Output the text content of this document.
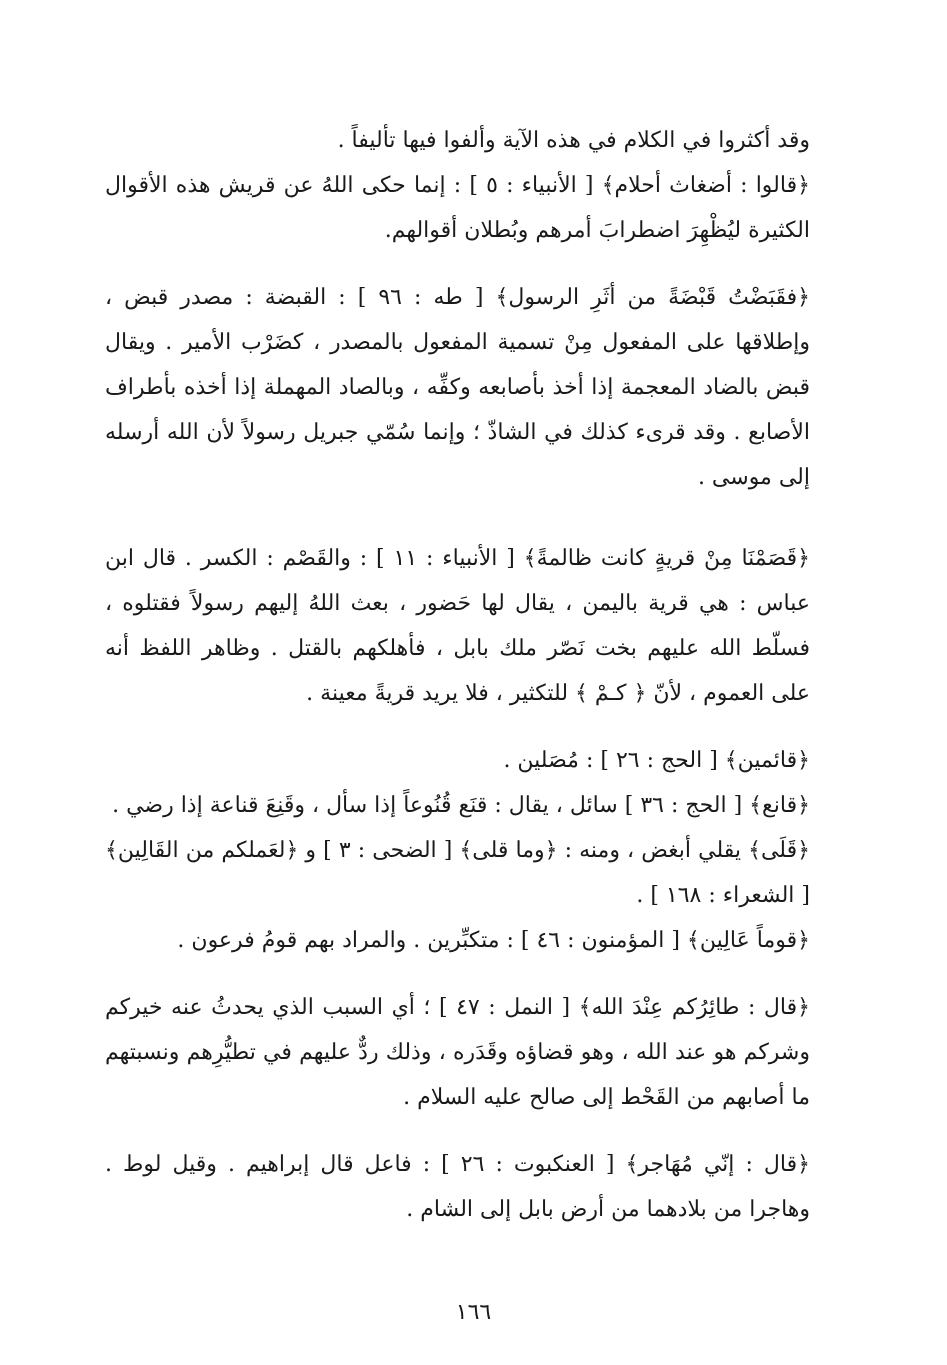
وقد أكثروا في الكلام في هذه الآية وألفوا فيها تأليفاً .

﴿قالوا : أضغاث أحلام﴾ [ الأنبياء : ٥ ] : إنما حكى اللهُ عن قريش هذه الأقوال الكثيرة ليُظْهِرَ اضطرابَ أمرهم وبُطلان أقوالهم.

﴿فقَبَضْتُ قَبْضَةً من أثَرِ الرسول﴾ [ طه : ٩٦ ] : القبضة : مصدر قبض ، وإطلاقها على المفعول مِنْ تسمية المفعول بالمصدر ، كضَرْب الأمير . ويقال قبض بالضاد المعجمة إذا أخذ بأصابعه وكفِّه ، وبالصاد المهملة إذا أخذه بأطراف الأصابع . وقد قرىء كذلك في الشاذّ ؛ وإنما سُمّي جبريل رسولاً لأن الله أرسله إلى موسى .

﴿قَصَمْنَا مِنْ قريةٍ كانت ظالمةً﴾ [ الأنبياء : ١١ ] : والقَصْم : الكسر . قال ابن عباس : هي قرية باليمن ، يقال لها حَضور ، بعث اللهُ إليهم رسولاً فقتلوه ، فسلّط الله عليهم بخت نَصّر ملك بابل ، فأهلكهم بالقتل . وظاهر اللفظ أنه على العموم ، لأنّ ﴿ كـمْ ﴾ للتكثير ، فلا يريد قريةً معينة .

﴿قائمين﴾ [ الحج : ٢٦ ] : مُصَلين .

﴿قانع﴾ [ الحج : ٣٦ ] سائل ، يقال : قنَع قُنُوعاً إذا سأل ، وقَنِعَ قناعة إذا رضي .

﴿قَلَى﴾ يقلي أبغض ، ومنه : ﴿وما قلى﴾ [ الضحى : ٣ ] و ﴿لعَملكم من القَالِين﴾ [ الشعراء : ١٦٨ ] .

﴿قوماً عَالِين﴾ [ المؤمنون : ٤٦ ] : متكبِّرين . والمراد بهم قومُ فرعون .

﴿قال : طائِرُكم عِنْدَ الله﴾ [ النمل : ٤٧ ] ؛ أي السبب الذي يحدثُ عنه خيركم وشركم هو عند الله ، وهو قضاؤه وقَدَره ، وذلك ردٌّ عليهم في تطيُّرِهم ونسبتهم ما أصابهم من القَحْط إلى صالح عليه السلام .

﴿قال : إنّي مُهَاجر﴾ [ العنكبوت : ٢٦ ] : فاعل قال إبراهيم . وقيل لوط . وهاجرا من بلادهما من أرض بابل إلى الشام .

١٦٦
